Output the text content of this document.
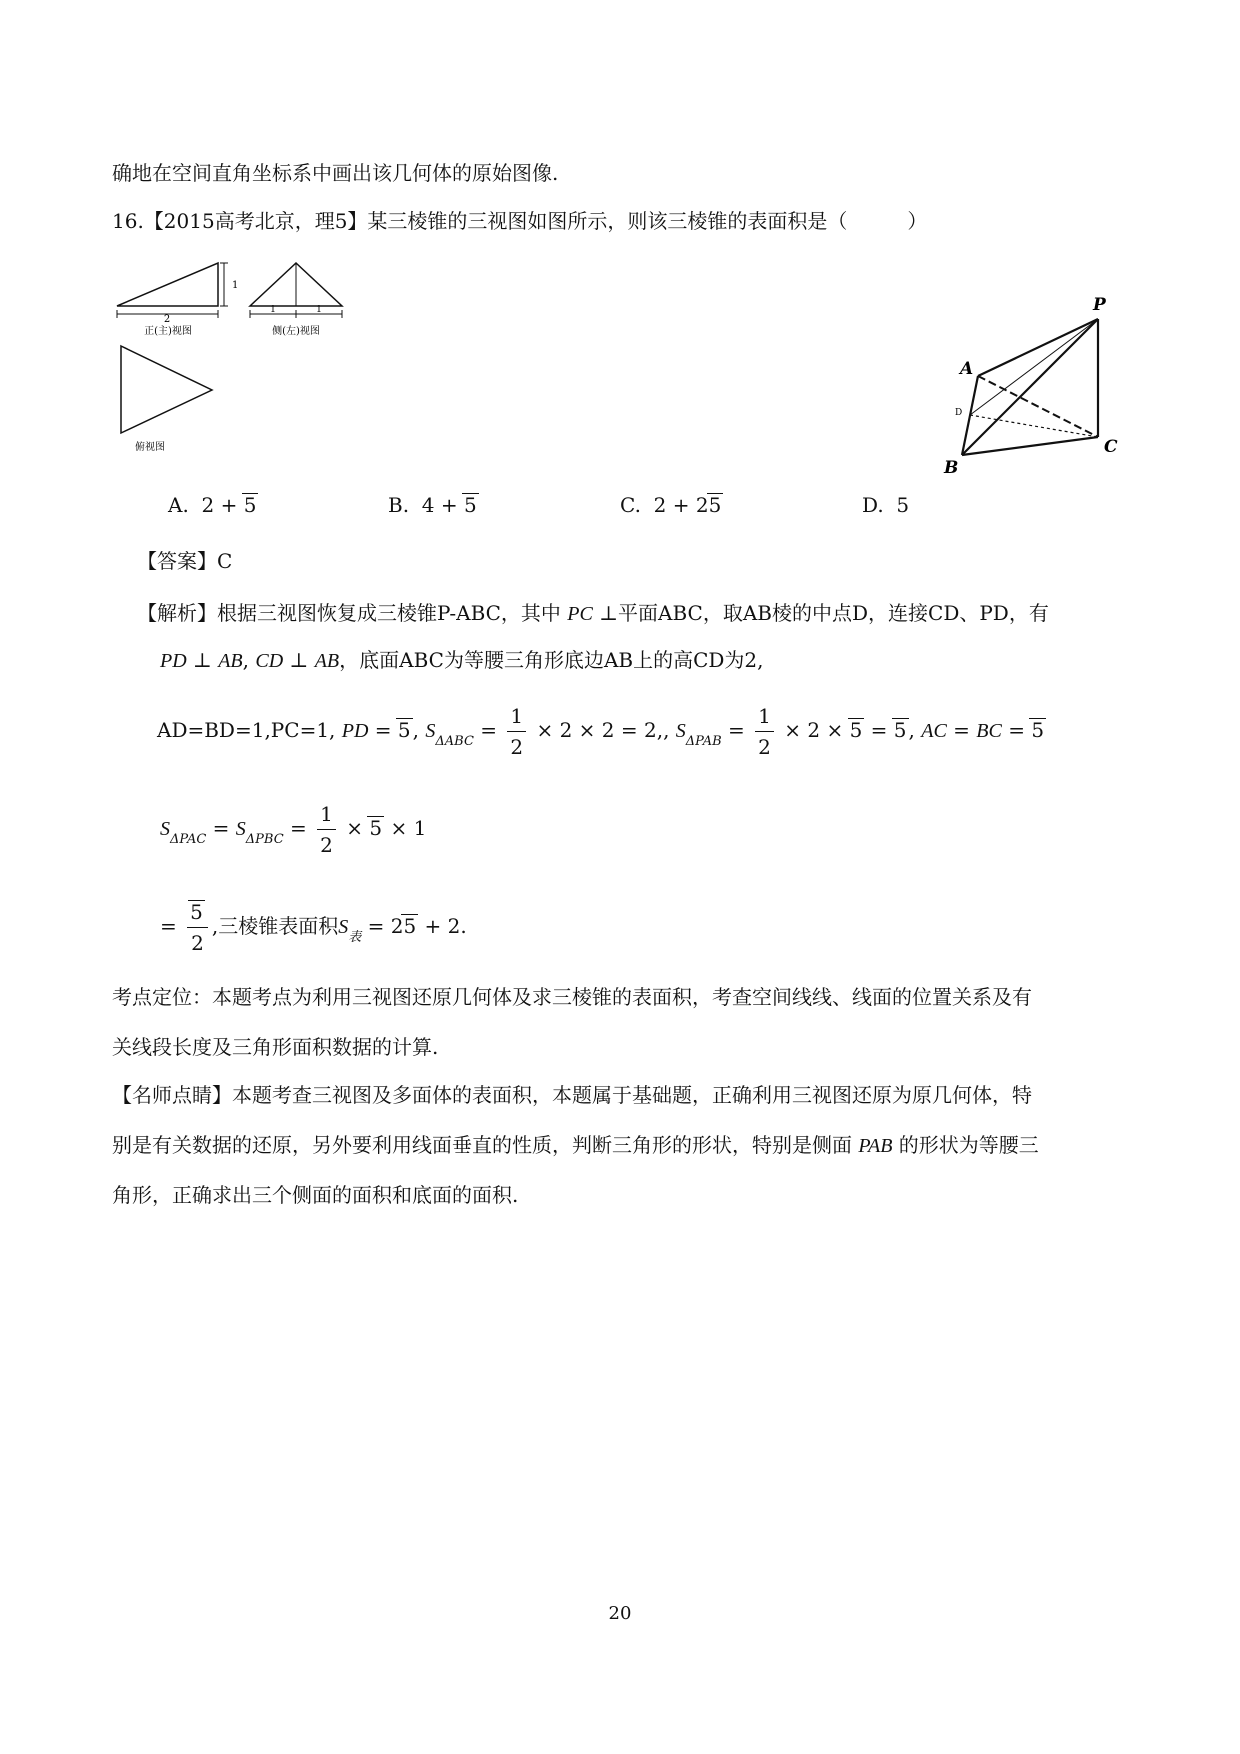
确地在空间直角坐标系中画出该几何体的原始图像.
16.【2015高考北京，理5】某三棱锥的三视图如图所示，则该三棱锥的表面积是（　　　）
2
1
正(主)视图
1	1
侧(左)视图
俯视图
P
A
B
C
D
A. 2 + 5	B. 4 + 5	C. 2 + 25	D. 5
【答案】C
【解析】根据三视图恢复成三棱锥P-ABC，其中 PC ⊥平面ABC，取AB棱的中点D，连接CD、PD，有
PD ⊥ AB, CD ⊥ AB，底面ABC为等腰三角形底边AB上的高CD为2,
AD=BD=1,PC=1, PD = 5 , $S_{\Delta ABC} = \frac{1}{2} \times 2 \times 2 = 2$,, $S_{\Delta PAB} = \frac{1}{2} \times 2 \times 5 = 5$ , AC = BC = 5
$S_{\Delta PAC} = S_{\Delta PBC} = \frac{1}{2} \times 5 \times 1$
= $\frac{5}{2}$ ,三棱锥表面积$S_表 = 25 + 2$.
考点定位：本题考点为利用三视图还原几何体及求三棱锥的表面积，考查空间线线、线面的位置关系及有
关线段长度及三角形面积数据的计算.
【名师点睛】本题考查三视图及多面体的表面积，本题属于基础题，正确利用三视图还原为原几何体，特
别是有关数据的还原，另外要利用线面垂直的性质，判断三角形的形状，特别是侧面 PAB 的形状为等腰三
角形，正确求出三个侧面的面积和底面的面积.
20
